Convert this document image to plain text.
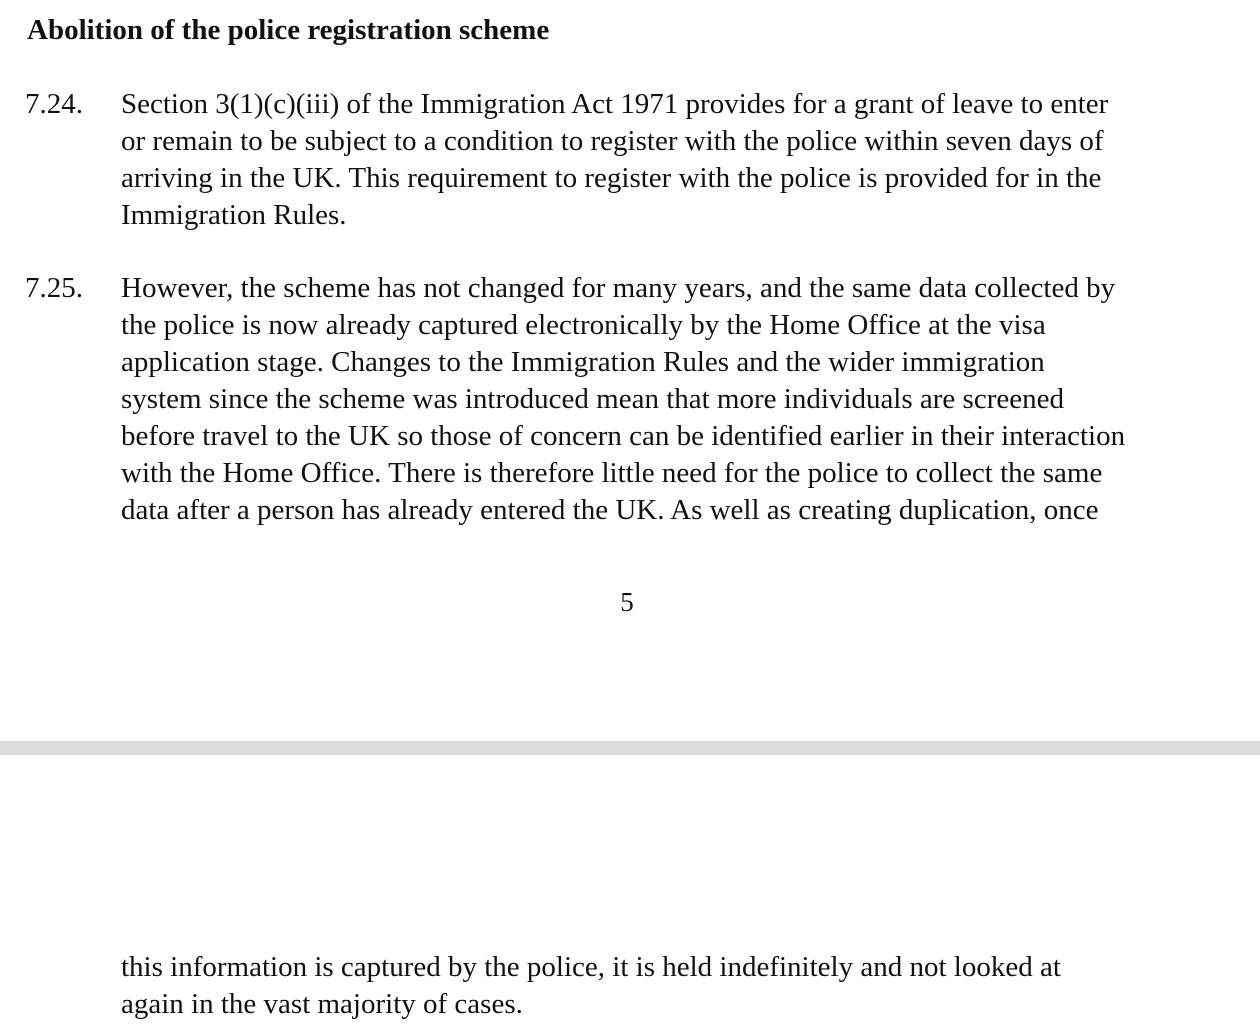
Abolition of the police registration scheme
7.24. Section 3(1)(c)(iii) of the Immigration Act 1971 provides for a grant of leave to enter
or remain to be subject to a condition to register with the police within seven days of
arriving in the UK. This requirement to register with the police is provided for in the
Immigration Rules.
7.25. However, the scheme has not changed for many years, and the same data collected by
the police is now already captured electronically by the Home Office at the visa
application stage. Changes to the Immigration Rules and the wider immigration
system since the scheme was introduced mean that more individuals are screened
before travel to the UK so those of concern can be identified earlier in their interaction
with the Home Office. There is therefore little need for the police to collect the same
data after a person has already entered the UK. As well as creating duplication, once
5
this information is captured by the police, it is held indefinitely and not looked at
again in the vast majority of cases.
